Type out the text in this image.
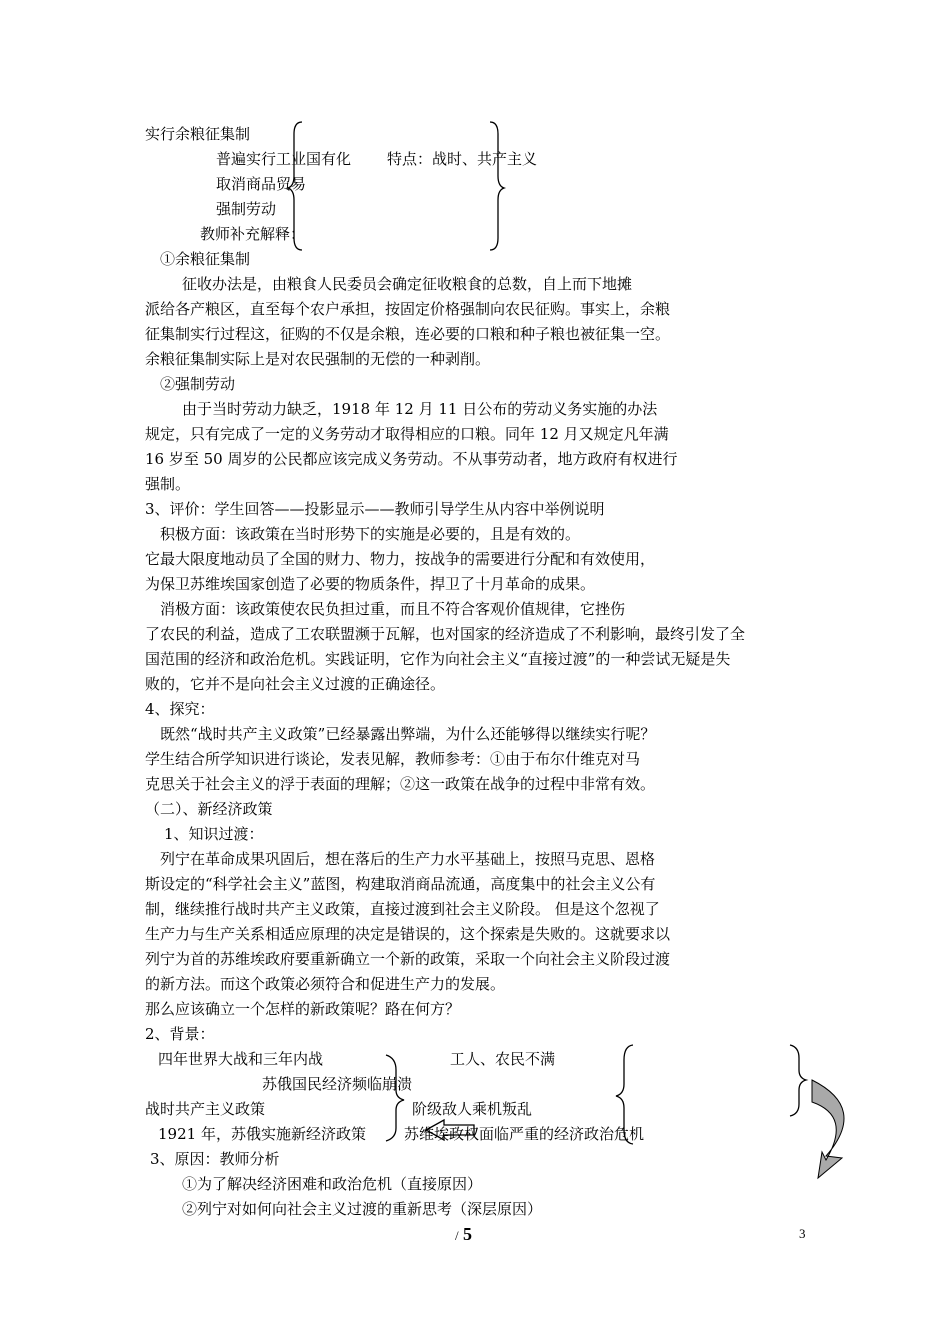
实行余粮征集制
普遍实行工业国有化 特点：战时、共产主义
取消商品贸易
强制劳动
教师补充解释：
①余粮征集制
征收办法是，由粮食人民委员会确定征收粮食的总数，自上而下地摊
派给各产粮区，直至每个农户承担，按固定价格强制向农民征购。事实上，余粮
征集制实行过程这，征购的不仅是余粮，连必要的口粮和种子粮也被征集一空。
余粮征集制实际上是对农民强制的无偿的一种剥削。
②强制劳动
由于当时劳动力缺乏，1918 年 12 月 11 日公布的劳动义务实施的办法
规定，只有完成了一定的义务劳动才取得相应的口粮。同年 12 月又规定凡年满
16 岁至 50 周岁的公民都应该完成义务劳动。不从事劳动者，地方政府有权进行
强制。
3、评价：学生回答——投影显示——教师引导学生从内容中举例说明
积极方面：该政策在当时形势下的实施是必要的，且是有效的。
它最大限度地动员了全国的财力、物力，按战争的需要进行分配和有效使用，
为保卫苏维埃国家创造了必要的物质条件，捍卫了十月革命的成果。
消极方面：该政策使农民负担过重，而且不符合客观价值规律，它挫伤
了农民的利益，造成了工农联盟濒于瓦解，也对国家的经济造成了不利影响，最终引发了全
国范围的经济和政治危机。实践证明，它作为向社会主义“直接过渡”的一种尝试无疑是失
败的，它并不是向社会主义过渡的正确途径。
4、探究：
既然“战时共产主义政策”已经暴露出弊端，为什么还能够得以继续实行呢？
学生结合所学知识进行谈论，发表见解，教师参考：①由于布尔什维克对马
克思关于社会主义的浮于表面的理解；②这一政策在战争的过程中非常有效。
（二）、新经济政策
1、知识过渡：
列宁在革命成果巩固后，想在落后的生产力水平基础上，按照马克思、恩格
斯设定的“科学社会主义”蓝图，构建取消商品流通，高度集中的社会主义公有
制，继续推行战时共产主义政策，直接过渡到社会主义阶段。 但是这个忽视了
生产力与生产关系相适应原理的决定是错误的，这个探索是失败的。这就要求以
列宁为首的苏维埃政府要重新确立一个新的政策，采取一个向社会主义阶段过渡
的新方法。而这个政策必须符合和促进生产力的发展。
那么应该确立一个怎样的新政策呢？路在何方？
2、背景：
四年世界大战和三年内战	工人、农民不满
苏俄国民经济频临崩溃
战时共产主义政策	阶级敌人乘机叛乱
1921 年，苏俄实施新经济政策	苏维埃政权面临严重的经济政治危机
3、原因：教师分析
①为了解决经济困难和政治危机（直接原因）
②列宁对如何向社会主义过渡的重新思考（深层原因）
/ 5	3
